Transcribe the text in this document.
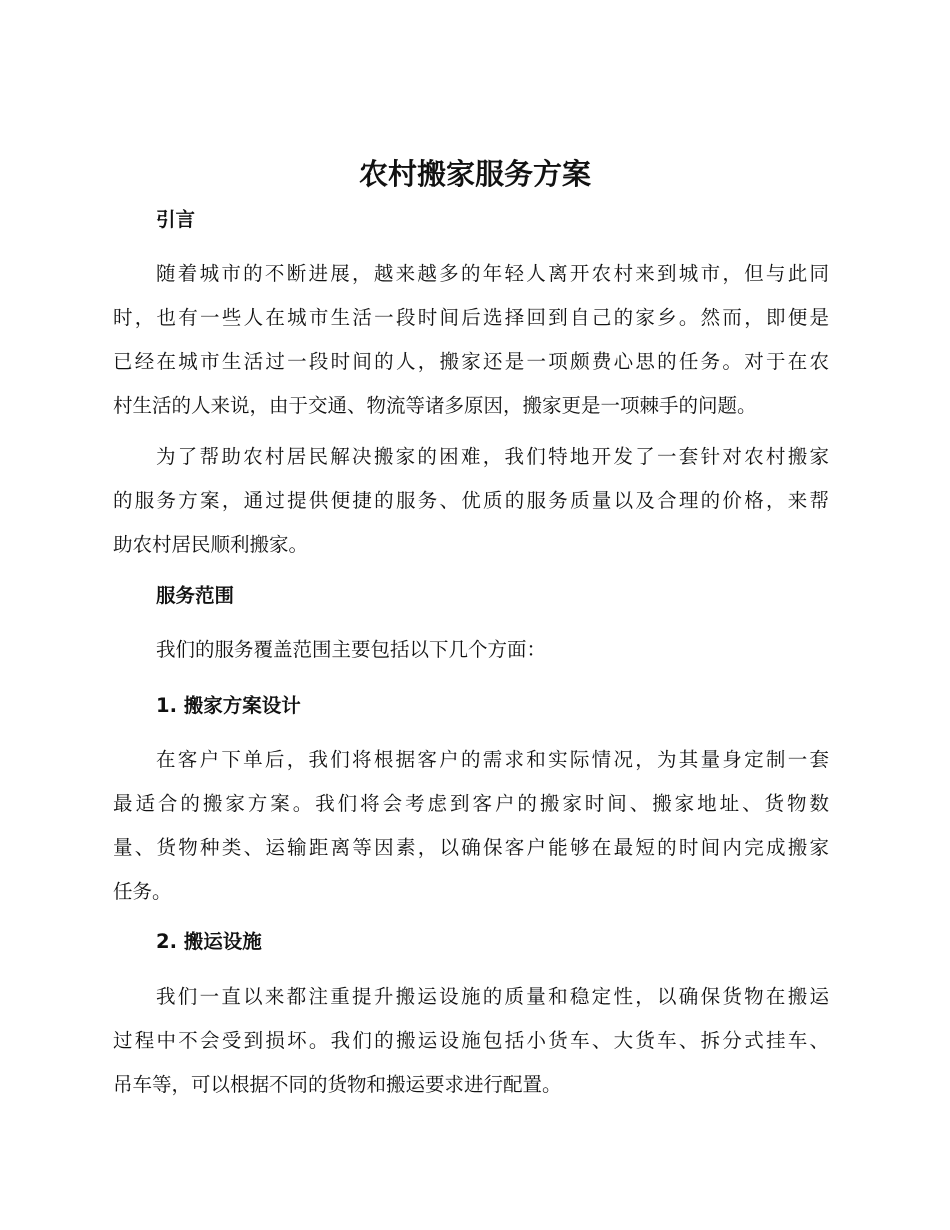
农村搬家服务方案
引言

随着城市的不断进展，越来越多的年轻人离开农村来到城市，但与此同
时，也有一些人在城市生活一段时间后选择回到自己的家乡。然而，即便是
已经在城市生活过一段时间的人，搬家还是一项颇费心思的任务。对于在农
村生活的人来说，由于交通、物流等诸多原因，搬家更是一项棘手的问题。

为了帮助农村居民解决搬家的困难，我们特地开发了一套针对农村搬家
的服务方案，通过提供便捷的服务、优质的服务质量以及合理的价格，来帮
助农村居民顺利搬家。

服务范围

我们的服务覆盖范围主要包括以下几个方面：

1. 搬家方案设计

在客户下单后，我们将根据客户的需求和实际情况，为其量身定制一套
最适合的搬家方案。我们将会考虑到客户的搬家时间、搬家地址、货物数
量、货物种类、运输距离等因素，以确保客户能够在最短的时间内完成搬家
任务。

2. 搬运设施

我们一直以来都注重提升搬运设施的质量和稳定性，以确保货物在搬运
过程中不会受到损坏。我们的搬运设施包括小货车、大货车、拆分式挂车、
吊车等，可以根据不同的货物和搬运要求进行配置。
